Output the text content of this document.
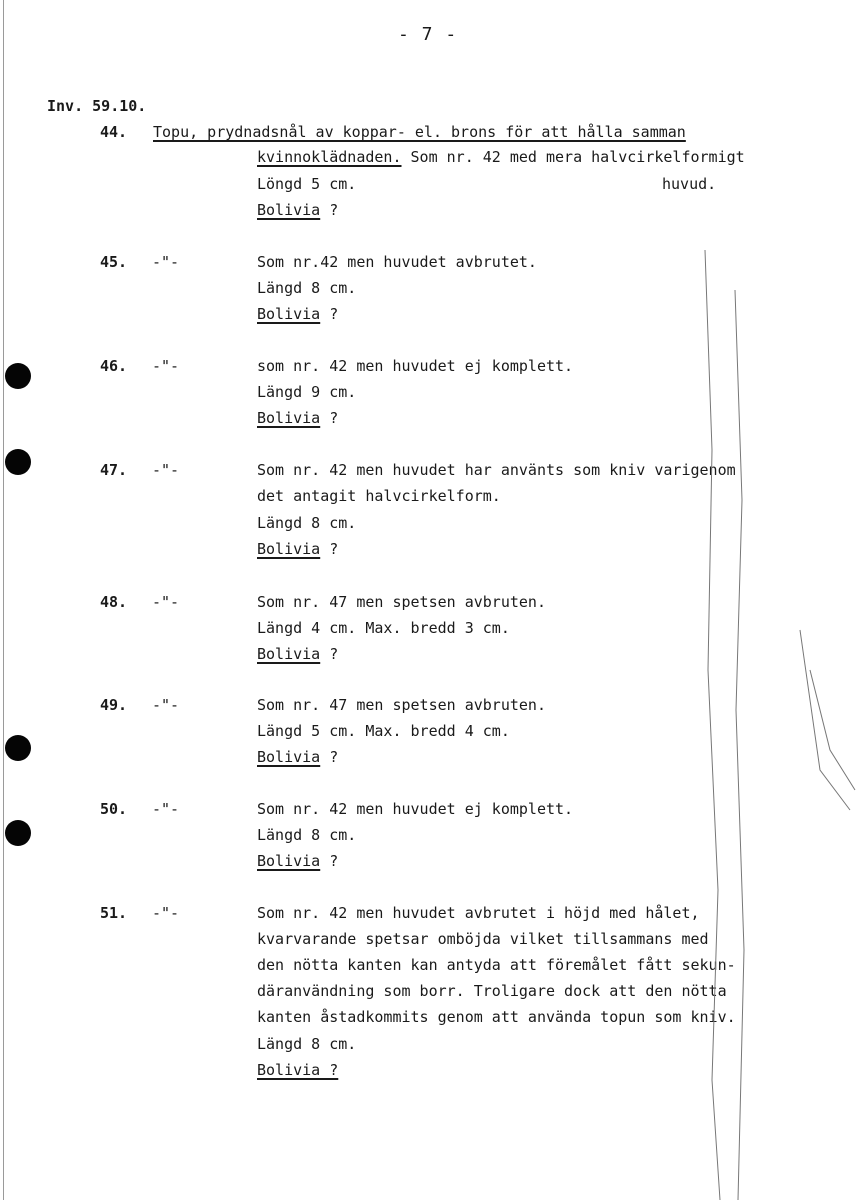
- 7 -
Inv. 59.10.
44. Topu, prydnadsnål av koppar- el. brons för att hålla samman
kvinnoklädnaden. Som nr. 42 med mera halvcirkelformigt
Löngd 5 cm.	huvud.
Bolivia ?
45. -"-	Som nr.42 men huvudet avbrutet.
Längd 8 cm.
Bolivia ?
46. -"-	som nr. 42 men huvudet ej komplett.
Längd 9 cm.
Bolivia ?
47. -"-	Som nr. 42 men huvudet har använts som kniv varigenom
det antagit halvcirkelform.
Längd 8 cm.
Bolivia ?
48. -"-	Som nr. 47 men spetsen avbruten.
Längd 4 cm. Max. bredd 3 cm.
Bolivia ?
49. -"-	Som nr. 47 men spetsen avbruten.
Längd 5 cm. Max. bredd 4 cm.
Bolivia ?
50. -"-	Som nr. 42 men huvudet ej komplett.
Längd 8 cm.
Bolivia ?
51. -"-	Som nr. 42 men huvudet avbrutet i höjd med hålet,
kvarvarande spetsar omböjda vilket tillsammans med
den nötta kanten kan antyda att föremålet fått sekun-
däranvändning som borr. Troligare dock att den nötta
kanten åstadkommits genom att använda topun som kniv.
Längd 8 cm.
Bolivia ?
